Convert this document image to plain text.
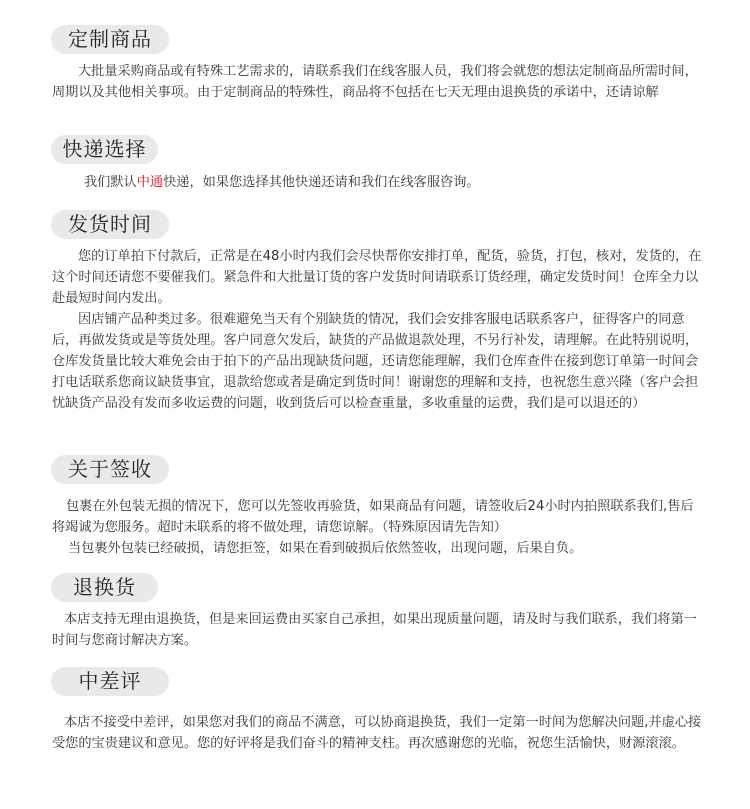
定制商品

大批量采购商品或有特殊工艺需求的，请联系我们在线客服人员，我们将会就您的想法定制商品所需时间，周期以及其他相关事项。由于定制商品的特殊性，商品将不包括在七天无理由退换货的承诺中，还请谅解

快递选择

我们默认中通快递，如果您选择其他快递还请和我们在线客服咨询。

发货时间

您的订单拍下付款后，正常是在48小时内我们会尽快帮你安排打单，配货，验货，打包，核对，发货的，在这个时间还请您不要催我们。紧急件和大批量订货的客户发货时间请联系订货经理，确定发货时间！仓库全力以赴最短时间内发出。

因店铺产品种类过多。很难避免当天有个别缺货的情况，我们会安排客服电话联系客户，征得客户的同意后，再做发货或是等货处理。客户同意欠发后，缺货的产品做退款处理，不另行补发，请理解。在此特别说明，仓库发货量比较大难免会由于拍下的产品出现缺货问题，还请您能理解，我们仓库查件在接到您订单第一时间会打电话联系您商议缺货事宜，退款给您或者是确定到货时间！谢谢您的理解和支持，也祝您生意兴隆（客户会担忧缺货产品没有发而多收运费的问题，收到货后可以检查重量，多收重量的运费，我们是可以退还的）

关于签收

包裹在外包装无损的情况下，您可以先签收再验货，如果商品有问题，请签收后24小时内拍照联系我们,售后将竭诚为您服务。超时未联系的将不做处理，请您谅解。（特殊原因请先告知）

当包裹外包装已经破损，请您拒签，如果在看到破损后依然签收，出现问题，后果自负。

退换货

本店支持无理由退换货，但是来回运费由买家自己承担，如果出现质量问题，请及时与我们联系，我们将第一时间与您商讨解决方案。

中差评

本店不接受中差评，如果您对我们的商品不满意，可以协商退换货，我们一定第一时间为您解决问题,并虚心接受您的宝贵建议和意见。您的好评将是我们奋斗的精神支柱。再次感谢您的光临，祝您生活愉快，财源滚滚。
